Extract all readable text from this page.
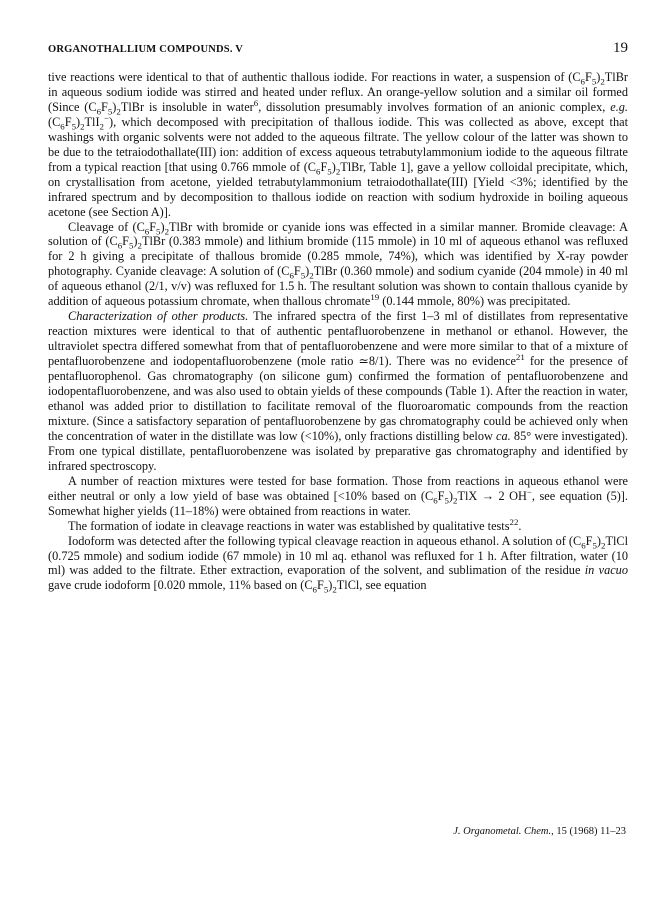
ORGANOTHALLIUM COMPOUNDS. V	19

tive reactions were identical to that of authentic thallous iodide. For reactions in water, a suspension of $(C_6F_5)_2TlBr$ in aqueous sodium iodide was stirred and heated under reflux. An orange-yellow solution and a similar oil formed (Since $(C_6F_5)_2TlBr$ is insoluble in water$^6$, dissolution presumably involves formation of an anionic complex, e.g. $(C_6F_5)_2TlI_2^-$), which decomposed with precipitation of thallous iodide. This was collected as above, except that washings with organic solvents were not added to the aqueous filtrate. The yellow colour of the latter was shown to be due to the tetraiodothallate(III) ion: addition of excess aqueous tetrabutylammonium iodide to the aqueous filtrate from a typical reaction [that using 0.766 mmole of $(C_6F_5)_2TlBr$, Table 1], gave a yellow colloidal precipitate, which, on crystallisation from acetone, yielded tetrabutylammonium tetraiodothallate(III) [Yield <3%; identified by the infrared spectrum and by decomposition to thallous iodide on reaction with sodium hydroxide in boiling aqueous acetone (see Section A)].

Cleavage of $(C_6F_5)_2TlBr$ with bromide or cyanide ions was effected in a similar manner. Bromide cleavage: A solution of $(C_6F_5)_2TlBr$ (0.383 mmole) and lithium bromide (115 mmole) in 10 ml of aqueous ethanol was refluxed for 2 h giving a precipitate of thallous bromide (0.285 mmole, 74%), which was identified by X-ray powder photography. Cyanide cleavage: A solution of $(C_6F_5)_2TlBr$ (0.360 mmole) and sodium cyanide (204 mmole) in 40 ml of aqueous ethanol (2/1, v/v) was refluxed for 1.5 h. The resultant solution was shown to contain thallous cyanide by addition of aqueous potassium chromate, when thallous chromate$^{19}$ (0.144 mmole, 80%) was precipitated.

Characterization of other products. The infrared spectra of the first 1–3 ml of distillates from representative reaction mixtures were identical to that of authentic pentafluorobenzene in methanol or ethanol. However, the ultraviolet spectra differed somewhat from that of pentafluorobenzene and were more similar to that of a mixture of pentafluorobenzene and iodopentafluorobenzene (mole ratio ≃8/1). There was no evidence$^{21}$ for the presence of pentafluorophenol. Gas chromatography (on silicone gum) confirmed the formation of pentafluorobenzene and iodopentafluorobenzene, and was also used to obtain yields of these compounds (Table 1). After the reaction in water, ethanol was added prior to distillation to facilitate removal of the fluoroaromatic compounds from the reaction mixture. (Since a satisfactory separation of pentafluorobenzene by gas chromatography could be achieved only when the concentration of water in the distillate was low (<10%), only fractions distilling below ca. 85° were investigated). From one typical distillate, pentafluorobenzene was isolated by preparative gas chromatography and identified by infrared spectroscopy.

A number of reaction mixtures were tested for base formation. Those from reactions in aqueous ethanol were either neutral or only a low yield of base was obtained [<10% based on $(C_6F_5)_2TlX \to 2$ OH−, see equation (5)]. Somewhat higher yields (11–18%) were obtained from reactions in water.

The formation of iodate in cleavage reactions in water was established by qualitative tests$^{22}$.

Iodoform was detected after the following typical cleavage reaction in aqueous ethanol. A solution of $(C_6F_5)_2TlCl$ (0.725 mmole) and sodium iodide (67 mmole) in 10 ml aq. ethanol was refluxed for 1 h. After filtration, water (10 ml) was added to the filtrate. Ether extraction, evaporation of the solvent, and sublimation of the residue in vacuo gave crude iodoform [0.020 mmole, 11% based on $(C_6F_5)_2TlCl$, see equation

J. Organometal. Chem., 15 (1968) 11–23
